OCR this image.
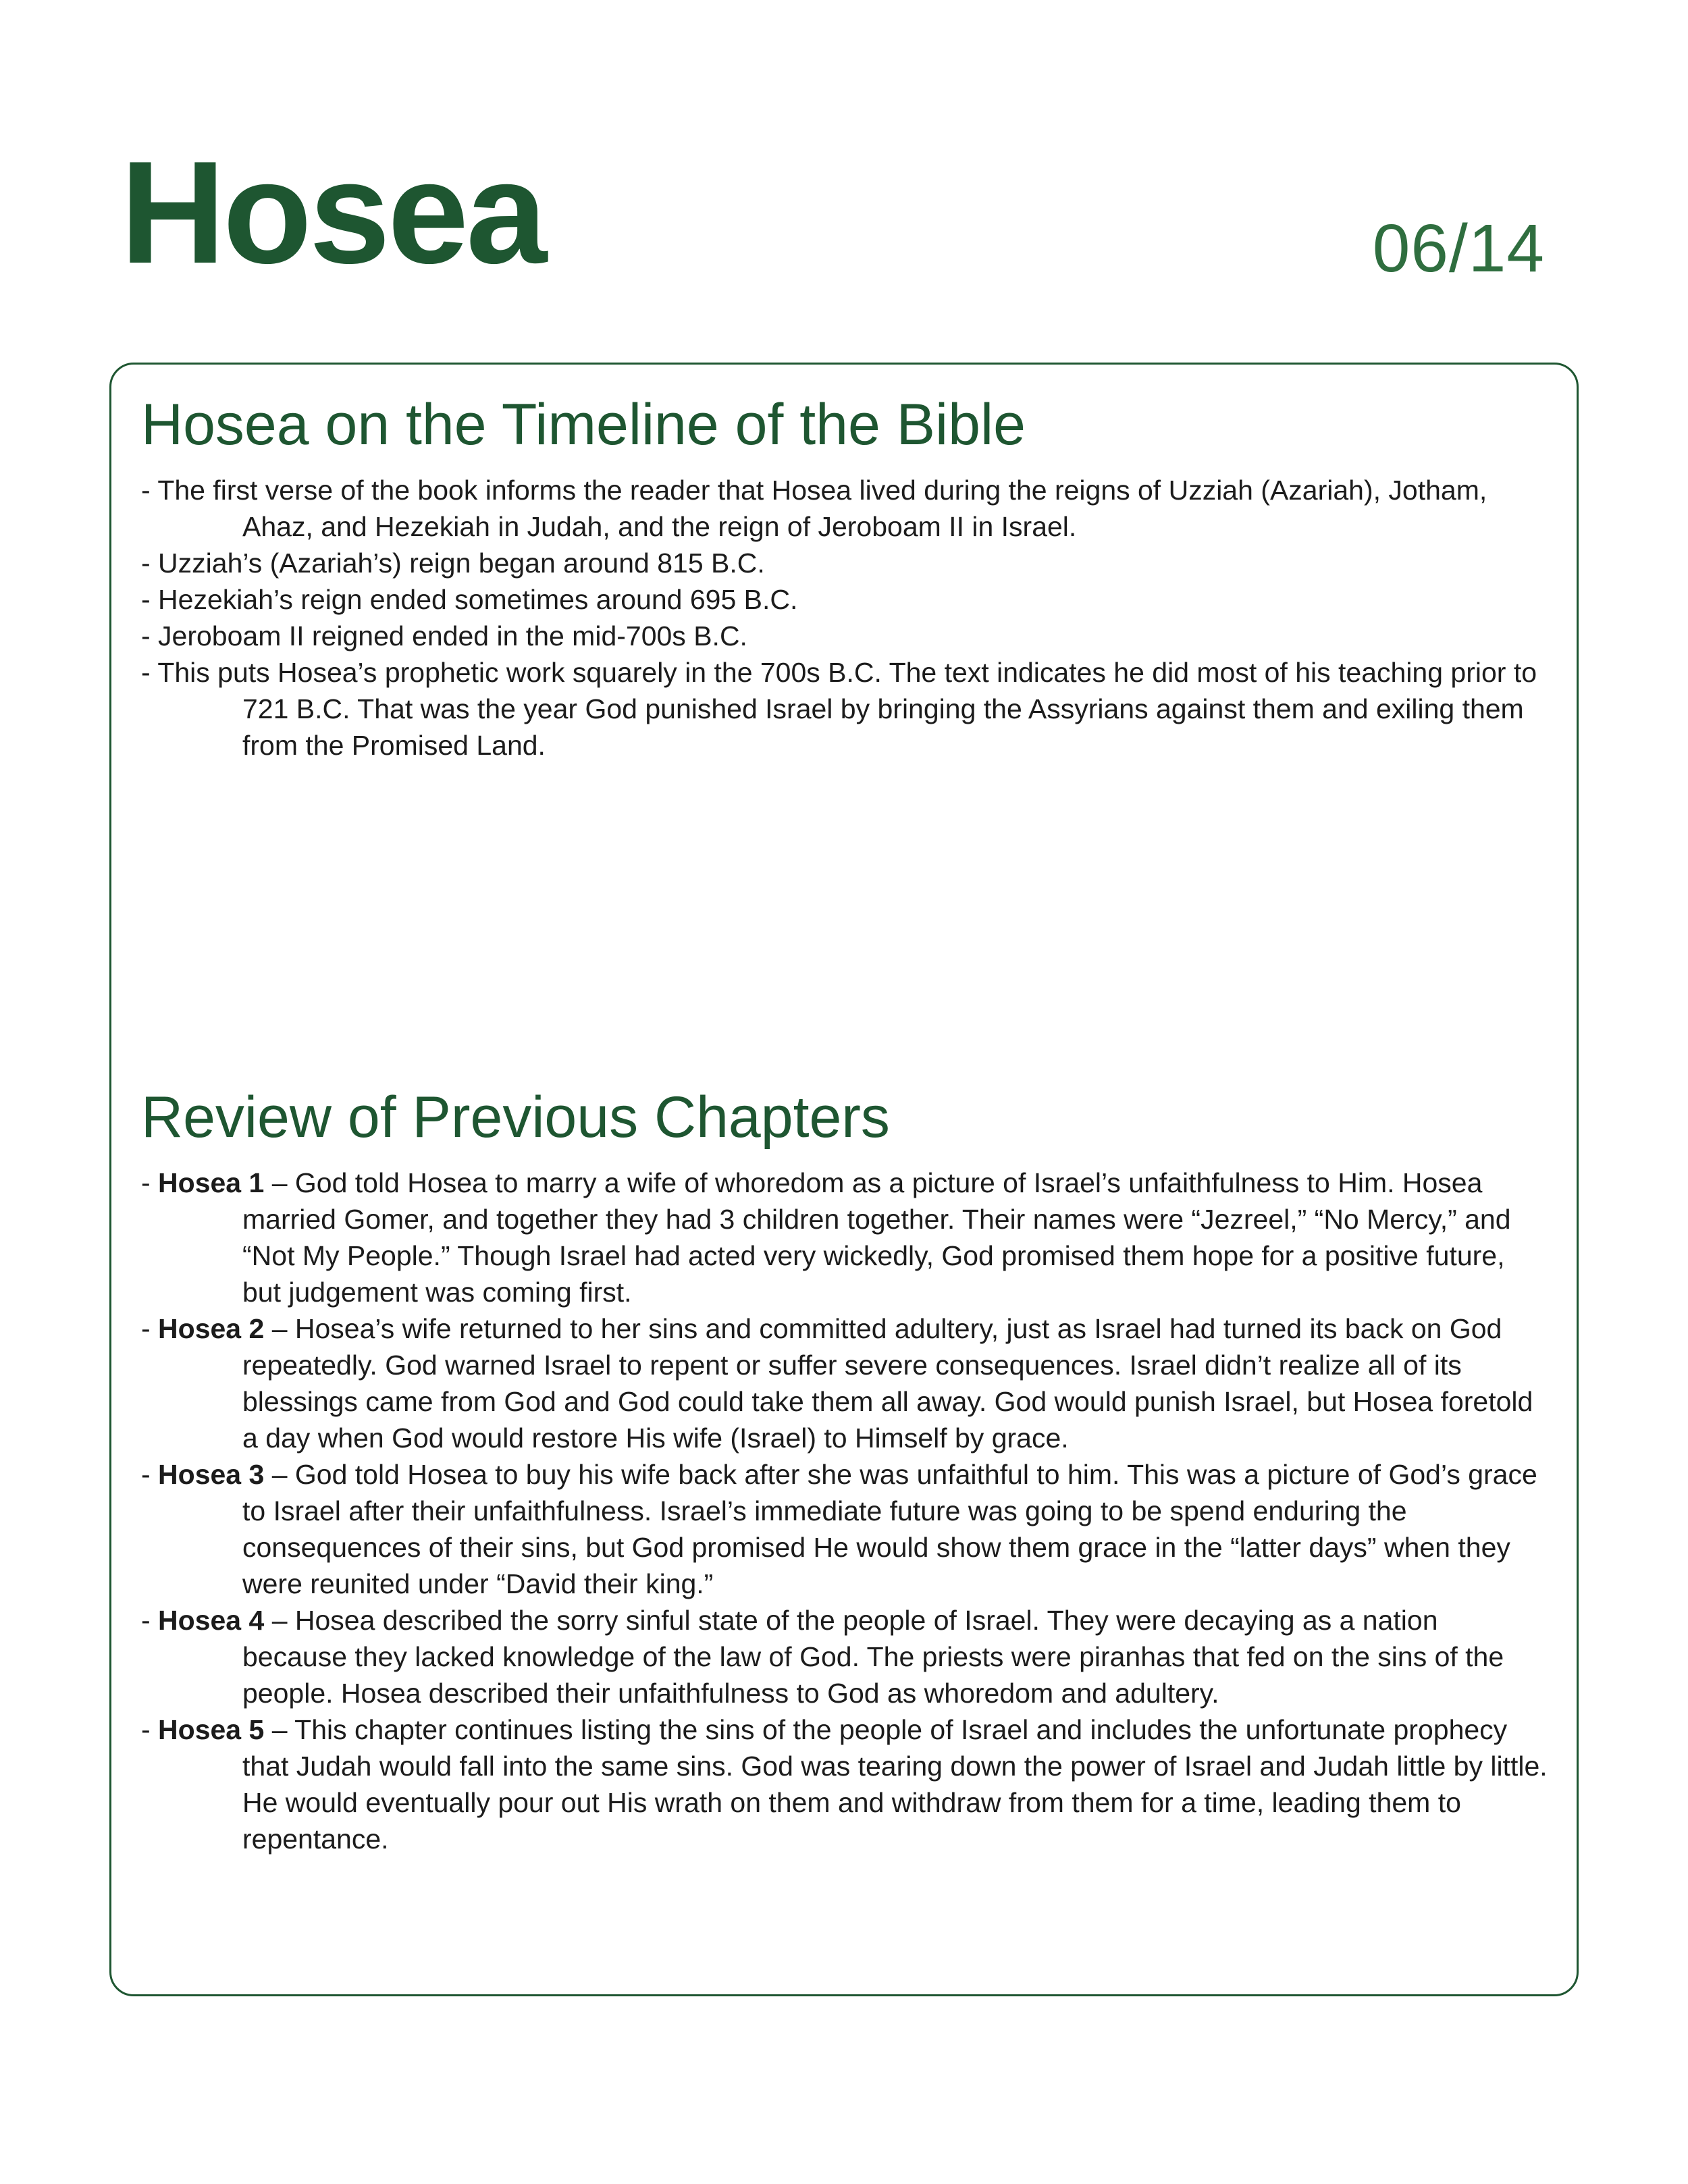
Hosea	06/14
Hosea on the Timeline of the Bible
- The first verse of the book informs the reader that Hosea lived during the reigns of Uzziah (Azariah), Jotham, Ahaz, and Hezekiah in Judah, and the reign of Jeroboam II in Israel.
- Uzziah’s (Azariah’s) reign began around 815 B.C.
- Hezekiah’s reign ended sometimes around 695 B.C.
- Jeroboam II reigned ended in the mid-700s B.C.
- This puts Hosea’s prophetic work squarely in the 700s B.C. The text indicates he did most of his teaching prior to 721 B.C. That was the year God punished Israel by bringing the Assyrians against them and exiling them from the Promised Land.
Review of Previous Chapters
- Hosea 1 – God told Hosea to marry a wife of whoredom as a picture of Israel’s unfaithfulness to Him. Hosea married Gomer, and together they had 3 children together. Their names were “Jezreel,” “No Mercy,” and “Not My People.” Though Israel had acted very wickedly, God promised them hope for a positive future, but judgement was coming first.
- Hosea 2 – Hosea’s wife returned to her sins and committed adultery, just as Israel had turned its back on God repeatedly. God warned Israel to repent or suffer severe consequences. Israel didn’t realize all of its blessings came from God and God could take them all away. God would punish Israel, but Hosea foretold a day when God would restore His wife (Israel) to Himself by grace.
- Hosea 3 – God told Hosea to buy his wife back after she was unfaithful to him. This was a picture of God’s grace to Israel after their unfaithfulness. Israel’s immediate future was going to be spend enduring the consequences of their sins, but God promised He would show them grace in the “latter days” when they were reunited under “David their king.”
- Hosea 4 – Hosea described the sorry sinful state of the people of Israel. They were decaying as a nation because they lacked knowledge of the law of God. The priests were piranhas that fed on the sins of the people. Hosea described their unfaithfulness to God as whoredom and adultery.
- Hosea 5 – This chapter continues listing the sins of the people of Israel and includes the unfortunate prophecy that Judah would fall into the same sins. God was tearing down the power of Israel and Judah little by little. He would eventually pour out His wrath on them and withdraw from them for a time, leading them to repentance.
